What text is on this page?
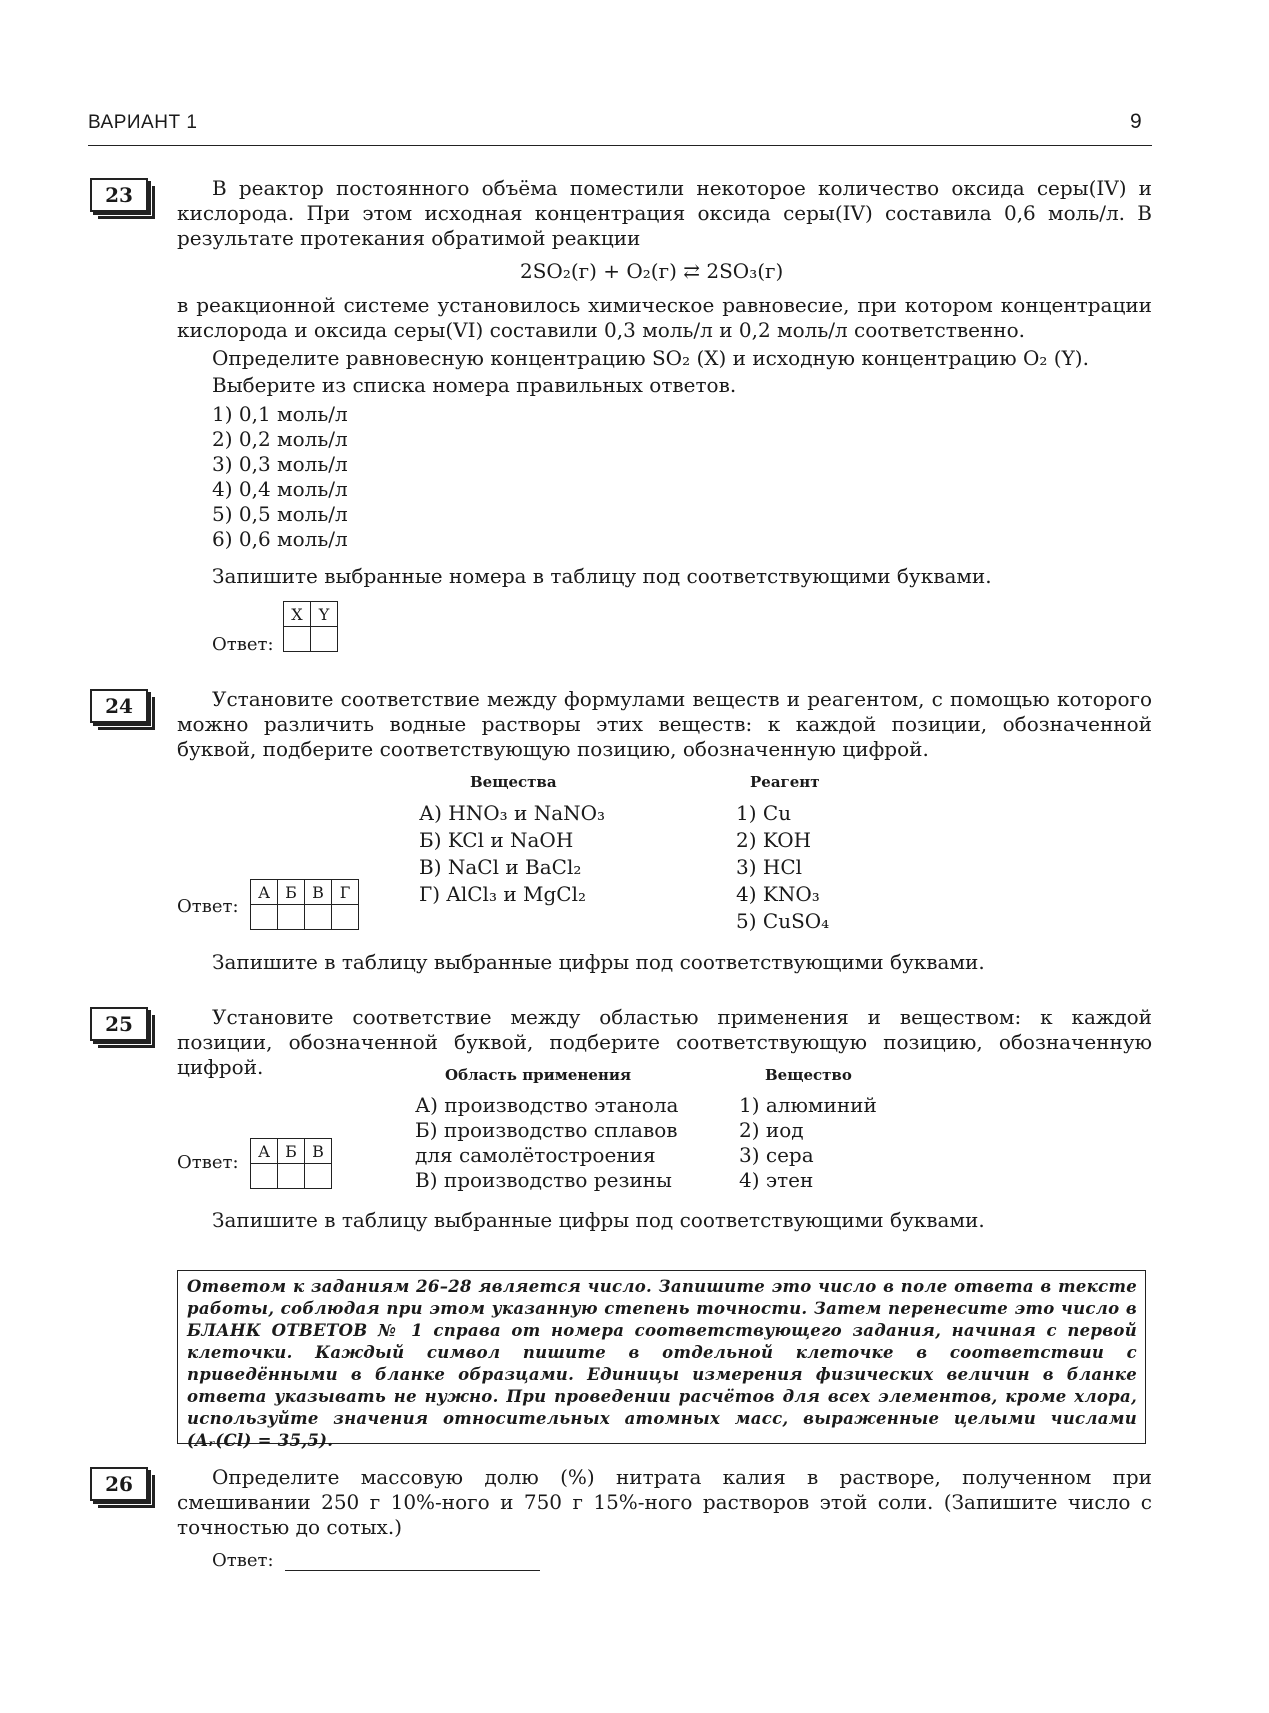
ВАРИАНТ 1	9
23	В реактор постоянного объёма поместили некоторое количество оксида серы(IV) и кислорода. При этом исходная концентрация оксида серы(IV) составила 0,6 моль/л. В результате протекания обратимой реакции
2SO₂(г) + O₂(г) ⇄ 2SO₃(г)
в реакционной системе установилось химическое равновесие, при котором концентрации кислорода и оксида серы(VI) составили 0,3 моль/л и 0,2 моль/л соответственно.
Определите равновесную концентрацию SO₂ (X) и исходную концентрацию O₂ (Y).
Выберите из списка номера правильных ответов.
1) 0,1 моль/л
2) 0,2 моль/л
3) 0,3 моль/л
4) 0,4 моль/л
5) 0,5 моль/л
6) 0,6 моль/л
Запишите выбранные номера в таблицу под соответствующими буквами.
Ответ:
X	Y

24	Установите соответствие между формулами веществ и реагентом, с помощью которого можно различить водные растворы этих веществ: к каждой позиции, обозначенной буквой, подберите соответствующую позицию, обозначенную цифрой.
Вещества	Реагент
А) HNO₃ и NaNO₃
Б) KCl и NaOH
В) NaCl и BaCl₂
Г) AlCl₃ и MgCl₂
1) Cu
2) KOH
3) HCl
4) KNO₃
5) CuSO₄
Ответ:
А	Б	В	Г

Запишите в таблицу выбранные цифры под соответствующими буквами.
25	Установите соответствие между областью применения и веществом: к каждой позиции, обозначенной буквой, подберите соответствующую позицию, обозначенную цифрой.	Область применения	Вещество
А) производство этанола
Б) производство сплавов
для самолётостроения
В) производство резины
1) алюминий
2) иод
3) сера
4) этен
Ответ:
А	Б	В

Запишите в таблицу выбранные цифры под соответствующими буквами.
Ответом к заданиям 26–28 является число. Запишите это число в поле ответа в тексте работы, соблюдая при этом указанную степень точности. Затем перенесите это число в БЛАНК ОТВЕТОВ № 1 справа от номера соответствующего задания, начиная с первой клеточки. Каждый символ пишите в отдельной клеточке в соответствии с приведёнными в бланке образцами. Единицы измерения физических величин в бланке ответа указывать не нужно. При проведении расчётов для всех элементов, кроме хлора, используйте значения относительных атомных масс, выраженные целыми числами (Aᵣ(Cl) = 35,5).
26	Определите массовую долю (%) нитрата калия в растворе, полученном при смешивании 250 г 10%-ного и 750 г 15%-ного растворов этой соли. (Запишите число с точностью до сотых.)
Ответ:
